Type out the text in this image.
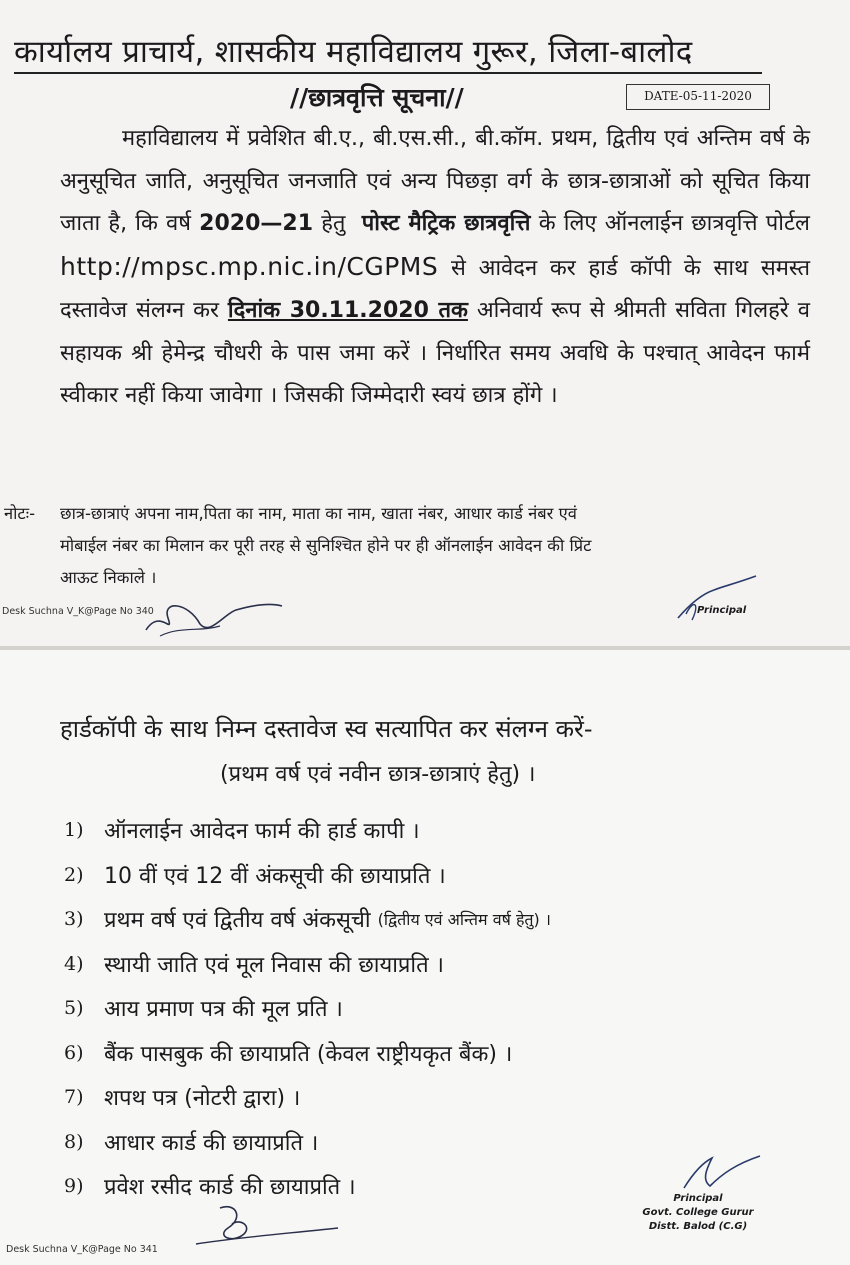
कार्यालय प्राचार्य, शासकीय महाविद्यालय गुरूर, जिला-बालोद
//छात्रवृत्ति सूचना//	DATE-05-11-2020
महाविद्यालय में प्रवेशित बी.ए., बी.एस.सी., बी.कॉम. प्रथम, द्वितीय एवं अन्तिम वर्ष के अनुसूचित जाति, अनुसूचित जनजाति एवं अन्य पिछड़ा वर्ग के छात्र-छात्राओं को सूचित किया जाता है, कि वर्ष 2020—21 हेतु पोस्ट मैट्रिक छात्रवृत्ति के लिए ऑनलाईन छात्रवृत्ति पोर्टल http://mpsc.mp.nic.in/CGPMS से आवेदन कर हार्ड कॉपी के साथ समस्त दस्तावेज संलग्न कर दिनांक 30.11.2020 तक अनिवार्य रूप से श्रीमती सविता गिलहरे व सहायक श्री हेमेन्द्र चौधरी के पास जमा करें । निर्धारित समय अवधि के पश्चात् आवेदन फार्म स्वीकार नहीं किया जावेगा । जिसकी जिम्मेदारी स्वयं छात्र होंगे ।
नोटः- छात्र-छात्राएं अपना नाम,पिता का नाम, माता का नाम, खाता नंबर, आधार कार्ड नंबर एवं
मोबाईल नंबर का मिलान कर पूरी तरह से सुनिश्चित होने पर ही ऑनलाईन आवेदन की प्रिंट
आऊट निकाले ।
Desk Suchna V_K@Page No 340	Principal
हार्डकॉपी के साथ निम्न दस्तावेज स्व सत्यापित कर संलग्न करें-
(प्रथम वर्ष एवं नवीन छात्र-छात्राएं हेतु) ।
1) ऑनलाईन आवेदन फार्म की हार्ड कापी ।
2) 10 वीं एवं 12 वीं अंकसूची की छायाप्रति ।
3) प्रथम वर्ष एवं द्वितीय वर्ष अंकसूची
(द्वितीय एवं अन्तिम वर्ष हेतु) ।
4) स्थायी जाति एवं मूल निवास की छायाप्रति ।
5) आय प्रमाण पत्र की मूल प्रति ।
6) बैंक पासबुक की छायाप्रति (केवल राष्ट्रीयकृत बैंक) ।
7) शपथ पत्र (नोटरी द्वारा) ।
8) आधार कार्ड की छायाप्रति ।
9) प्रवेश रसीद कार्ड की छायाप्रति ।	Principal
Govt. College Gurur
Distt. Balod (C.G)
Desk Suchna V_K@Page No 341
